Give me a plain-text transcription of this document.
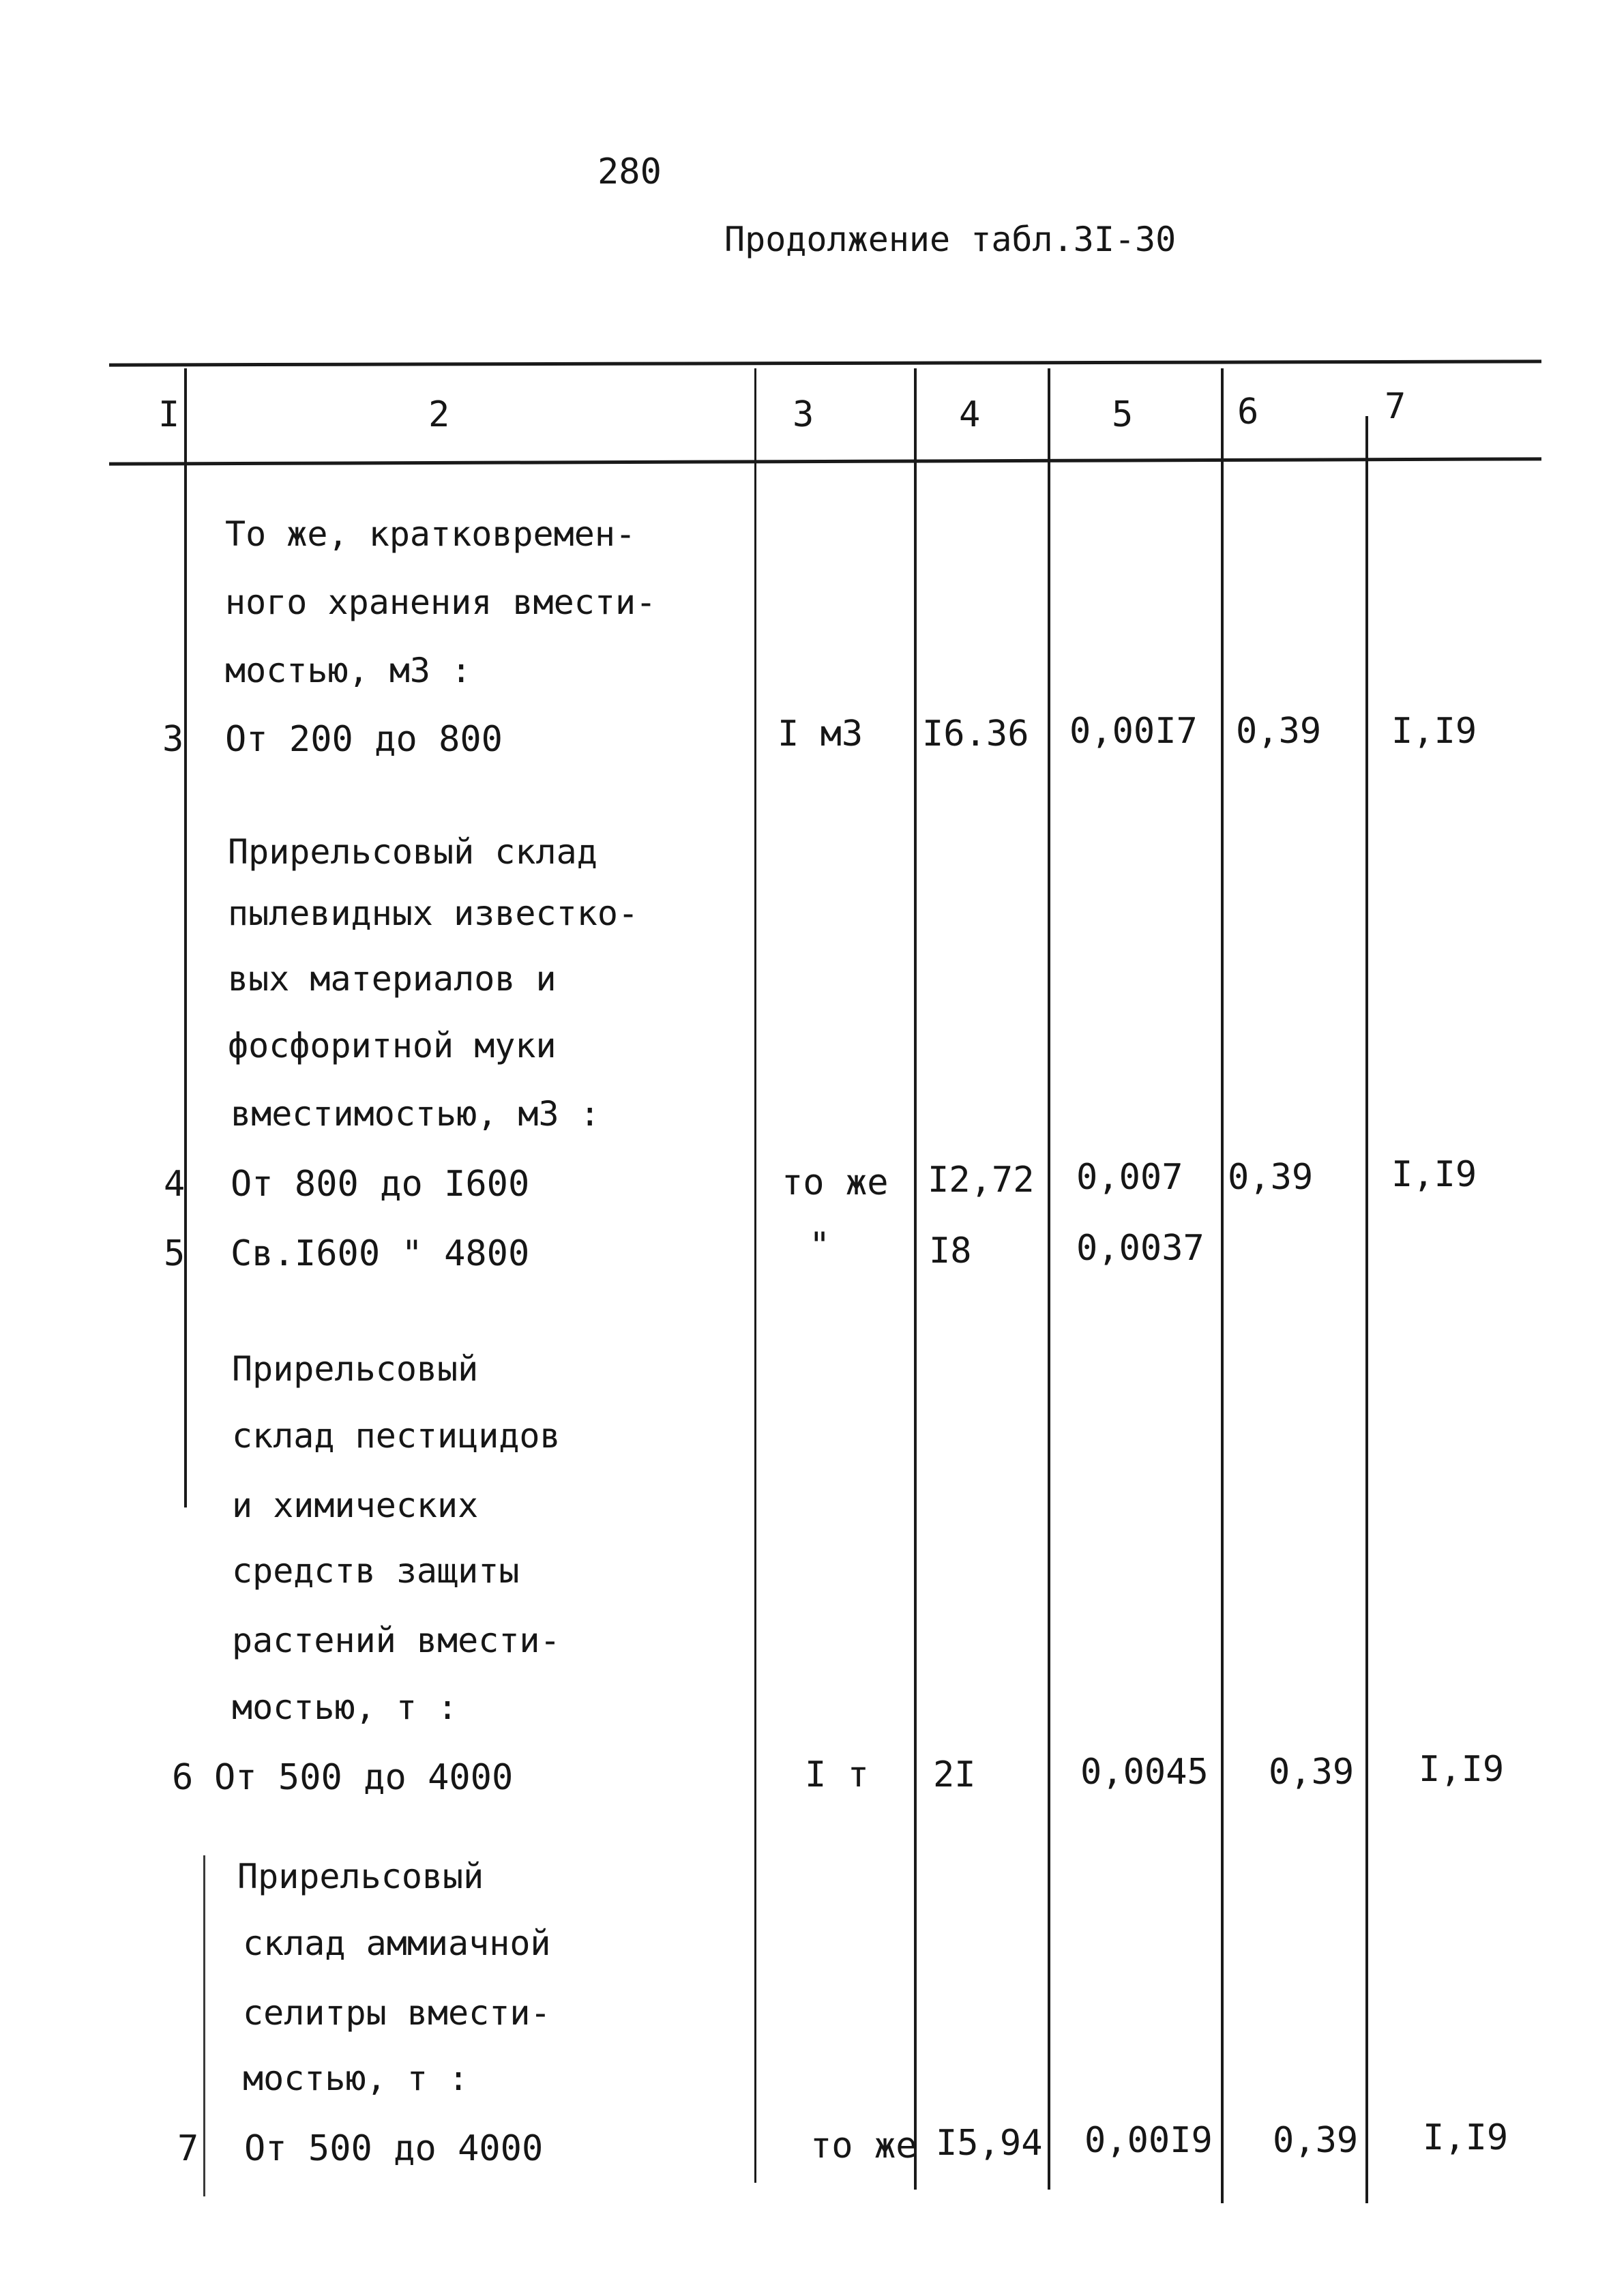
280
Продолжение табл.3I-30
I	2	3	4	5	6	7
То же, кратковремен-
ного хранения вмести-
мостью, м3 :
3 От 200 до 800	I м3 I6.36 0,00I7 0,39 I,I9
Прирельсовый склад
пылевидных известко-
вых материалов и
фосфоритной муки
вместимостью, м3 :
4 От 800 до I600	то же I2,72 0,007 0,39 I,I9
5 Св.I600 " 4800	"	I8	0,0037
Прирельсовый
склад пестицидов
и химических
средств защиты
растений вмести-
мостью, т :
6 От 500 до 4000	I т 2I	0,0045 0,39 I,I9
Прирельсовый
склад аммиачной
селитры вмести-
мостью, т :
7 От 500 до 4000	то же I5,94 0,00I9 0,39 I,I9
